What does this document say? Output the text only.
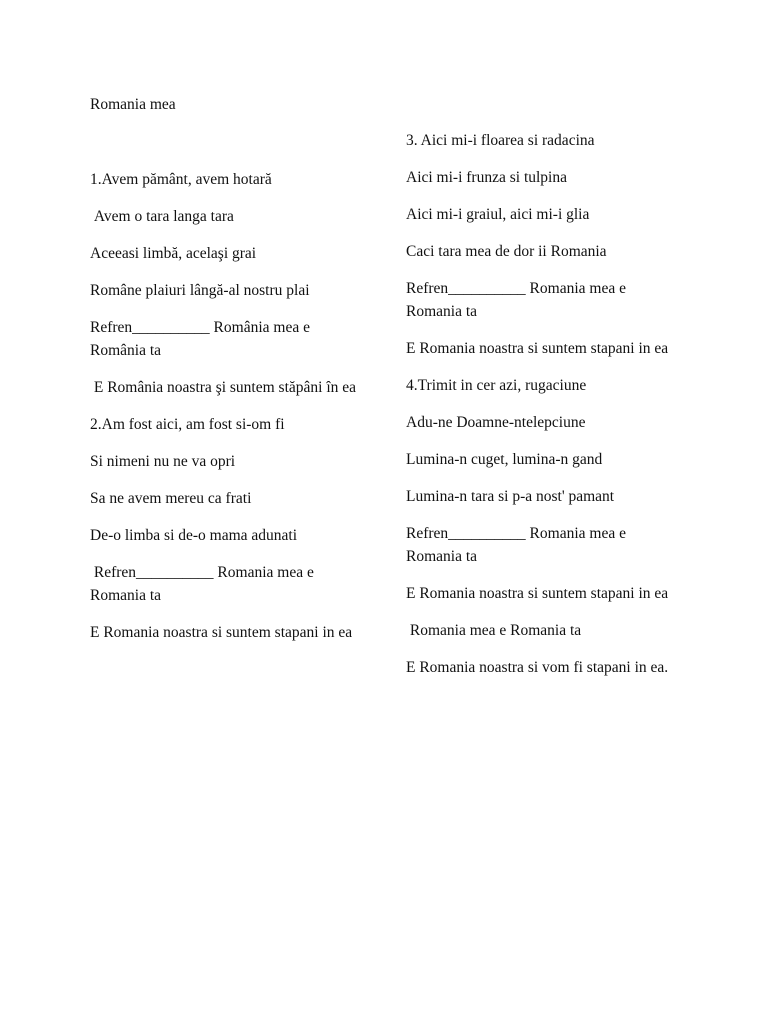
Romania mea

1.Avem pământ, avem hotară

Avem o tara langa tara

Aceeasi limbă, acelaşi grai

Române plaiuri lângă-al nostru plai

Refren__________ România mea e România ta

E România noastra şi suntem stăpâni în ea

2.Am fost aici, am fost si-om fi

Si nimeni nu ne va opri

Sa ne avem mereu ca frati

De-o limba si de-o mama adunati

Refren__________ Romania mea e Romania ta

E Romania noastra si suntem stapani in ea

3. Aici mi-i floarea si radacina

Aici mi-i frunza si tulpina

Aici mi-i graiul, aici mi-i glia

Caci tara mea de dor ii Romania

Refren__________ Romania mea e Romania ta

E Romania noastra si suntem stapani in ea

4.Trimit in cer azi, rugaciune

Adu-ne Doamne-ntelepciune

Lumina-n cuget, lumina-n gand

Lumina-n tara si p-a nost' pamant

Refren__________ Romania mea e Romania ta

E Romania noastra si suntem stapani in ea

Romania mea e Romania ta

E Romania noastra si vom fi stapani in ea.
